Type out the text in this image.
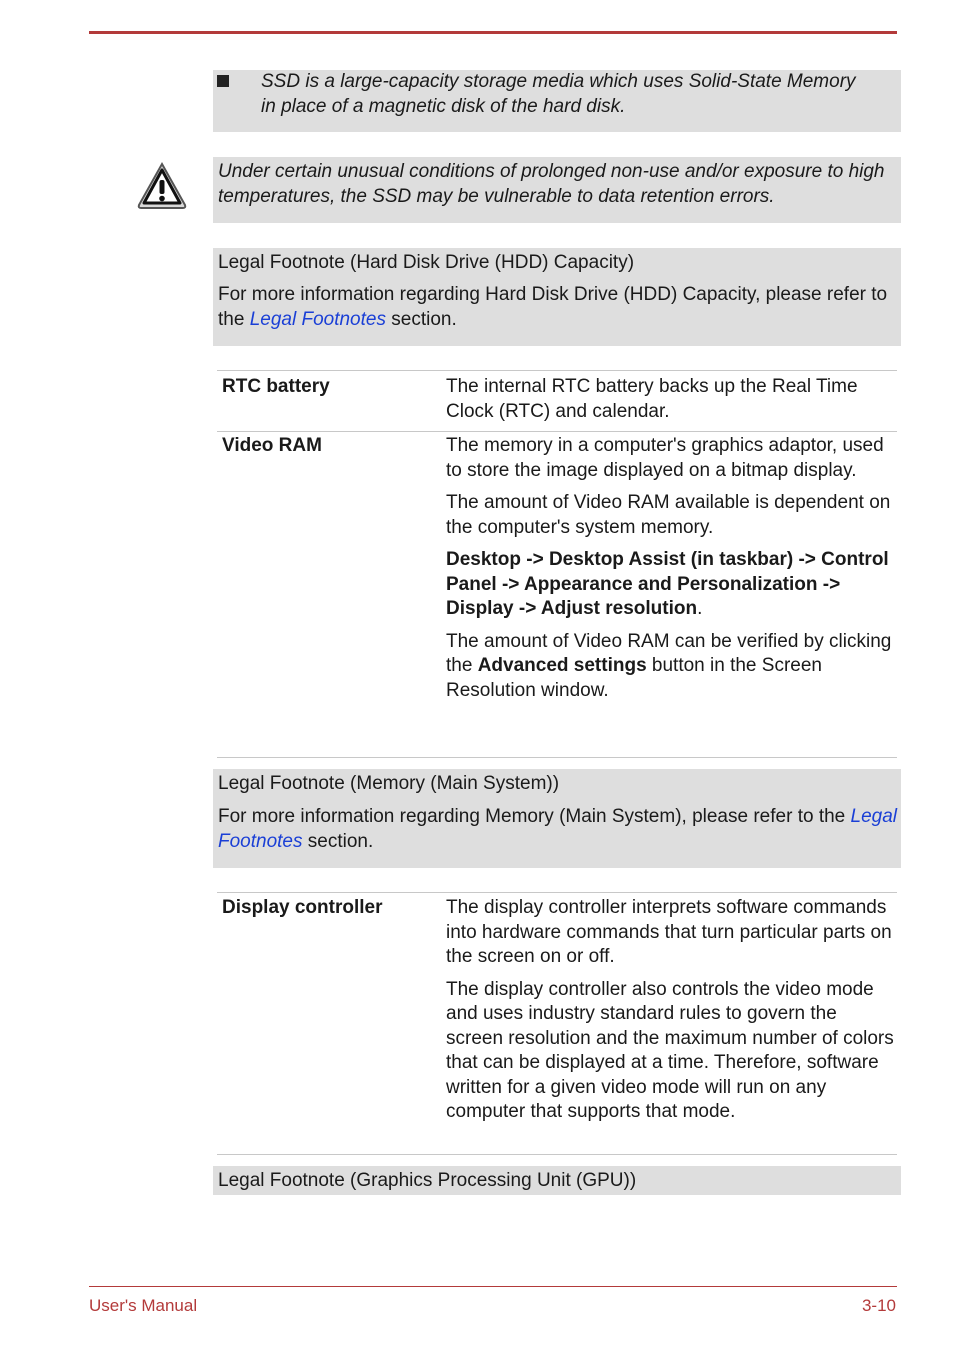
SSD is a large-capacity storage media which uses Solid-State Memory in place of a magnetic disk of the hard disk.
Under certain unusual conditions of prolonged non-use and/or exposure to high temperatures, the SSD may be vulnerable to data retention errors.
Legal Footnote (Hard Disk Drive (HDD) Capacity)
For more information regarding Hard Disk Drive (HDD) Capacity, please refer to the Legal Footnotes section.
RTC battery	The internal RTC battery backs up the Real Time Clock (RTC) and calendar.
Video RAM	The memory in a computer's graphics adaptor, used to store the image displayed on a bitmap display.

The amount of Video RAM available is dependent on the computer's system memory.

Desktop -> Desktop Assist (in taskbar) -> Control Panel -> Appearance and Personalization -> Display -> Adjust resolution.

The amount of Video RAM can be verified by clicking the Advanced settings button in the Screen Resolution window.

Legal Footnote (Memory (Main System))
For more information regarding Memory (Main System), please refer to the Legal Footnotes section.
Display controller	The display controller interprets software commands into hardware commands that turn particular parts on the screen on or off.

The display controller also controls the video mode and uses industry standard rules to govern the screen resolution and the maximum number of colors that can be displayed at a time. Therefore, software written for a given video mode will run on any computer that supports that mode.

Legal Footnote (Graphics Processing Unit (GPU))
User's Manual	3-10
